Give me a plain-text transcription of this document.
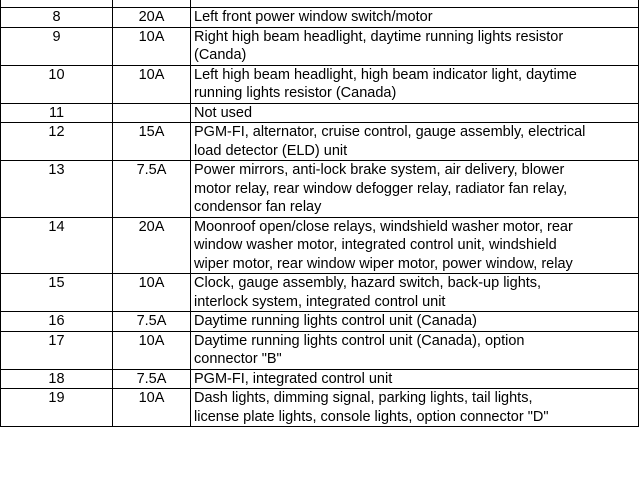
8	20A	Left front power window switch/motor

9	10A	Right high beam headlight, daytime running lights resistor
(Canda)

10	10A	Left high beam headlight, high beam indicator light, daytime
running lights resistor (Canada)

11		Not used

12	15A	PGM-FI, alternator, cruise control, gauge assembly, electrical
load detector (ELD) unit

13	7.5A	Power mirrors, anti-lock brake system, air delivery, blower
motor relay, rear window defogger relay, radiator fan relay,
condensor fan relay

14	20A	Moonroof open/close relays, windshield washer motor, rear
window washer motor, integrated control unit, windshield
wiper motor, rear window wiper motor, power window, relay

15	10A	Clock, gauge assembly, hazard switch, back-up lights,
interlock system, integrated control unit

16	7.5A	Daytime running lights control unit (Canada)

17	10A	Daytime running lights control unit (Canada), option
connector "B"

18	7.5A	PGM-FI, integrated control unit

19	10A	Dash lights, dimming signal, parking lights, tail lights,
license plate lights, console lights, option connector "D"
